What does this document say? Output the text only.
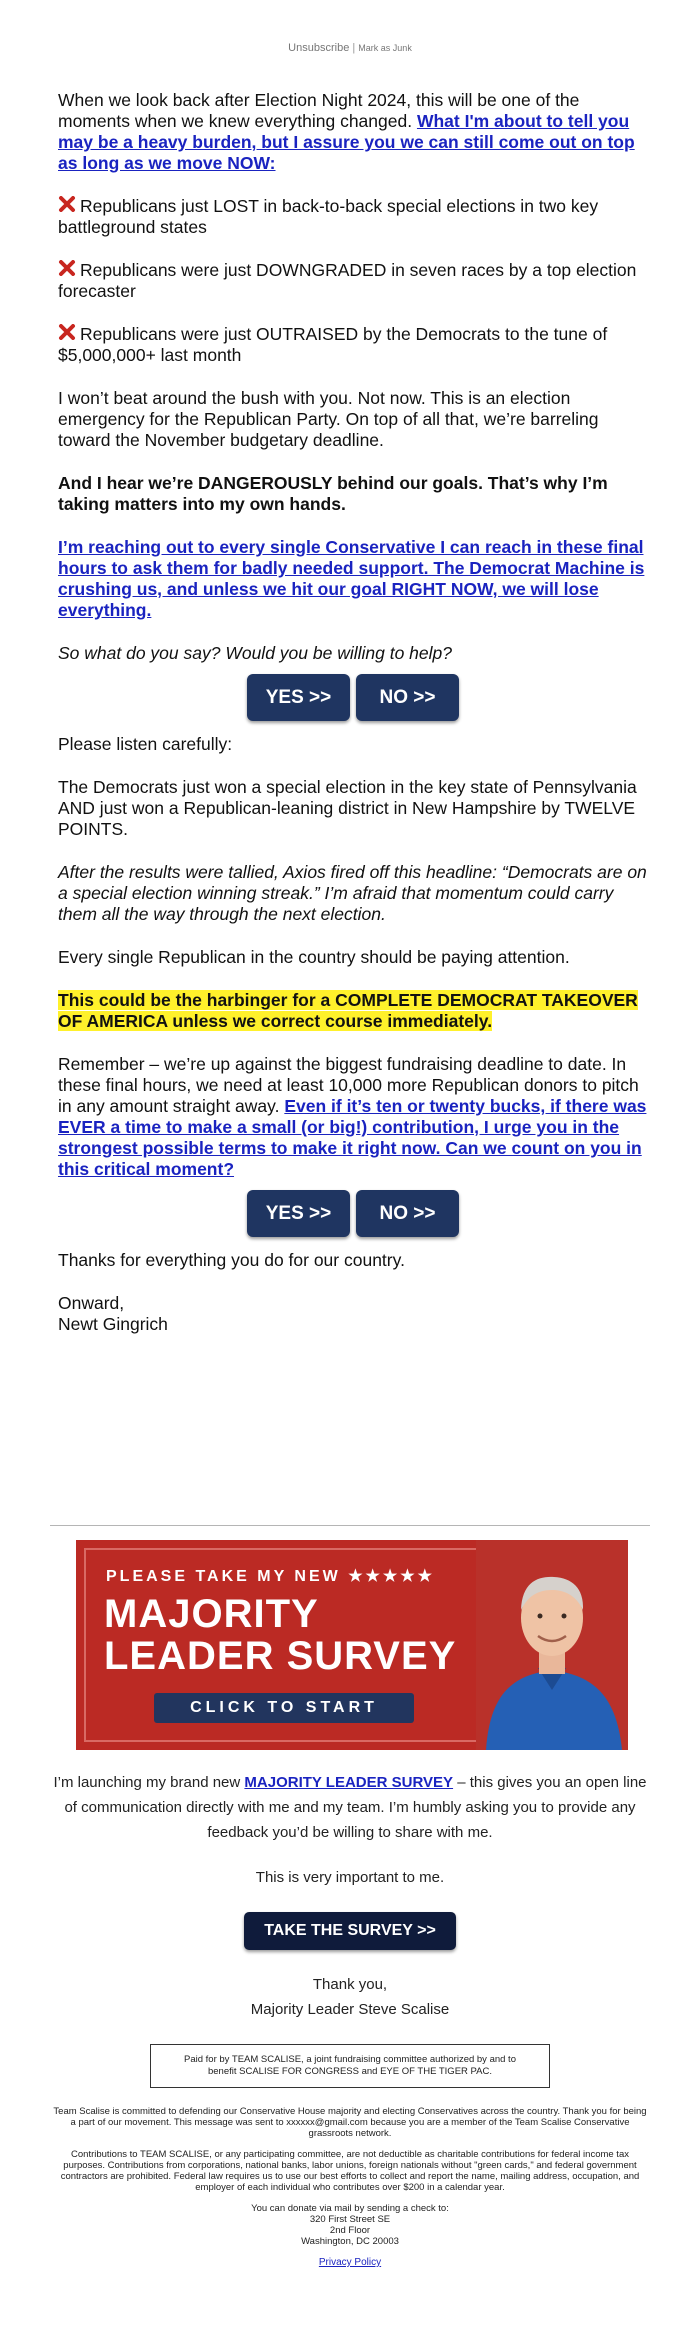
Unsubscribe | Mark as Junk

When we look back after Election Night 2024, this will be one of the moments when we knew everything changed. What I'm about to tell you may be a heavy burden, but I assure you we can still come out on top as long as we move NOW:

Republicans just LOST in back-to-back special elections in two key battleground states

Republicans were just DOWNGRADED in seven races by a top election forecaster

Republicans were just OUTRAISED by the Democrats to the tune of $5,000,000+ last month

I won’t beat around the bush with you. Not now. This is an election emergency for the Republican Party. On top of all that, we’re barreling toward the November budgetary deadline.

And I hear we’re DANGEROUSLY behind our goals. That’s why I’m taking matters into my own hands.

I’m reaching out to every single Conservative I can reach in these final hours to ask them for badly needed support. The Democrat Machine is crushing us, and unless we hit our goal RIGHT NOW, we will lose everything.

So what do you say? Would you be willing to help?

YES >>	NO >>

Please listen carefully:

The Democrats just won a special election in the key state of Pennsylvania AND just won a Republican-leaning district in New Hampshire by TWELVE POINTS.

After the results were tallied, Axios fired off this headline: “Democrats are on a special election winning streak.” I’m afraid that momentum could carry them all the way through the next election.

Every single Republican in the country should be paying attention.

This could be the harbinger for a COMPLETE DEMOCRAT TAKEOVER OF AMERICA unless we correct course immediately.

Remember – we’re up against the biggest fundraising deadline to date. In these final hours, we need at least 10,000 more Republican donors to pitch in any amount straight away. Even if it’s ten or twenty bucks, if there was EVER a time to make a small (or big!) contribution, I urge you in the strongest possible terms to make it right now. Can we count on you in this critical moment?

YES >>	NO >>

Thanks for everything you do for our country.

Onward,

Newt Gingrich

PLEASE TAKE MY NEW ★★★★★
MAJORITY
LEADER SURVEY
CLICK TO START

I’m launching my brand new MAJORITY LEADER SURVEY – this gives you an open line of communication directly with me and my team. I’m humbly asking you to provide any feedback you’d be willing to share with me.

This is very important to me.

TAKE THE SURVEY >>

Thank you,

Majority Leader Steve Scalise

Paid for by TEAM SCALISE, a joint fundraising committee authorized by and to benefit SCALISE FOR CONGRESS and EYE OF THE TIGER PAC.

Team Scalise is committed to defending our Conservative House majority and electing Conservatives across the country. Thank you for being a part of our movement. This message was sent to xxxxxx@gmail.com because you are a member of the Team Scalise Conservative grassroots network.

Contributions to TEAM SCALISE, or any participating committee, are not deductible as charitable contributions for federal income tax purposes. Contributions from corporations, national banks, labor unions, foreign nationals without "green cards," and federal government contractors are prohibited. Federal law requires us to use our best efforts to collect and report the name, mailing address, occupation, and employer of each individual who contributes over $200 in a calendar year.

You can donate via mail by sending a check to:

320 First Street SE

2nd Floor

Washington, DC 20003

Privacy Policy
